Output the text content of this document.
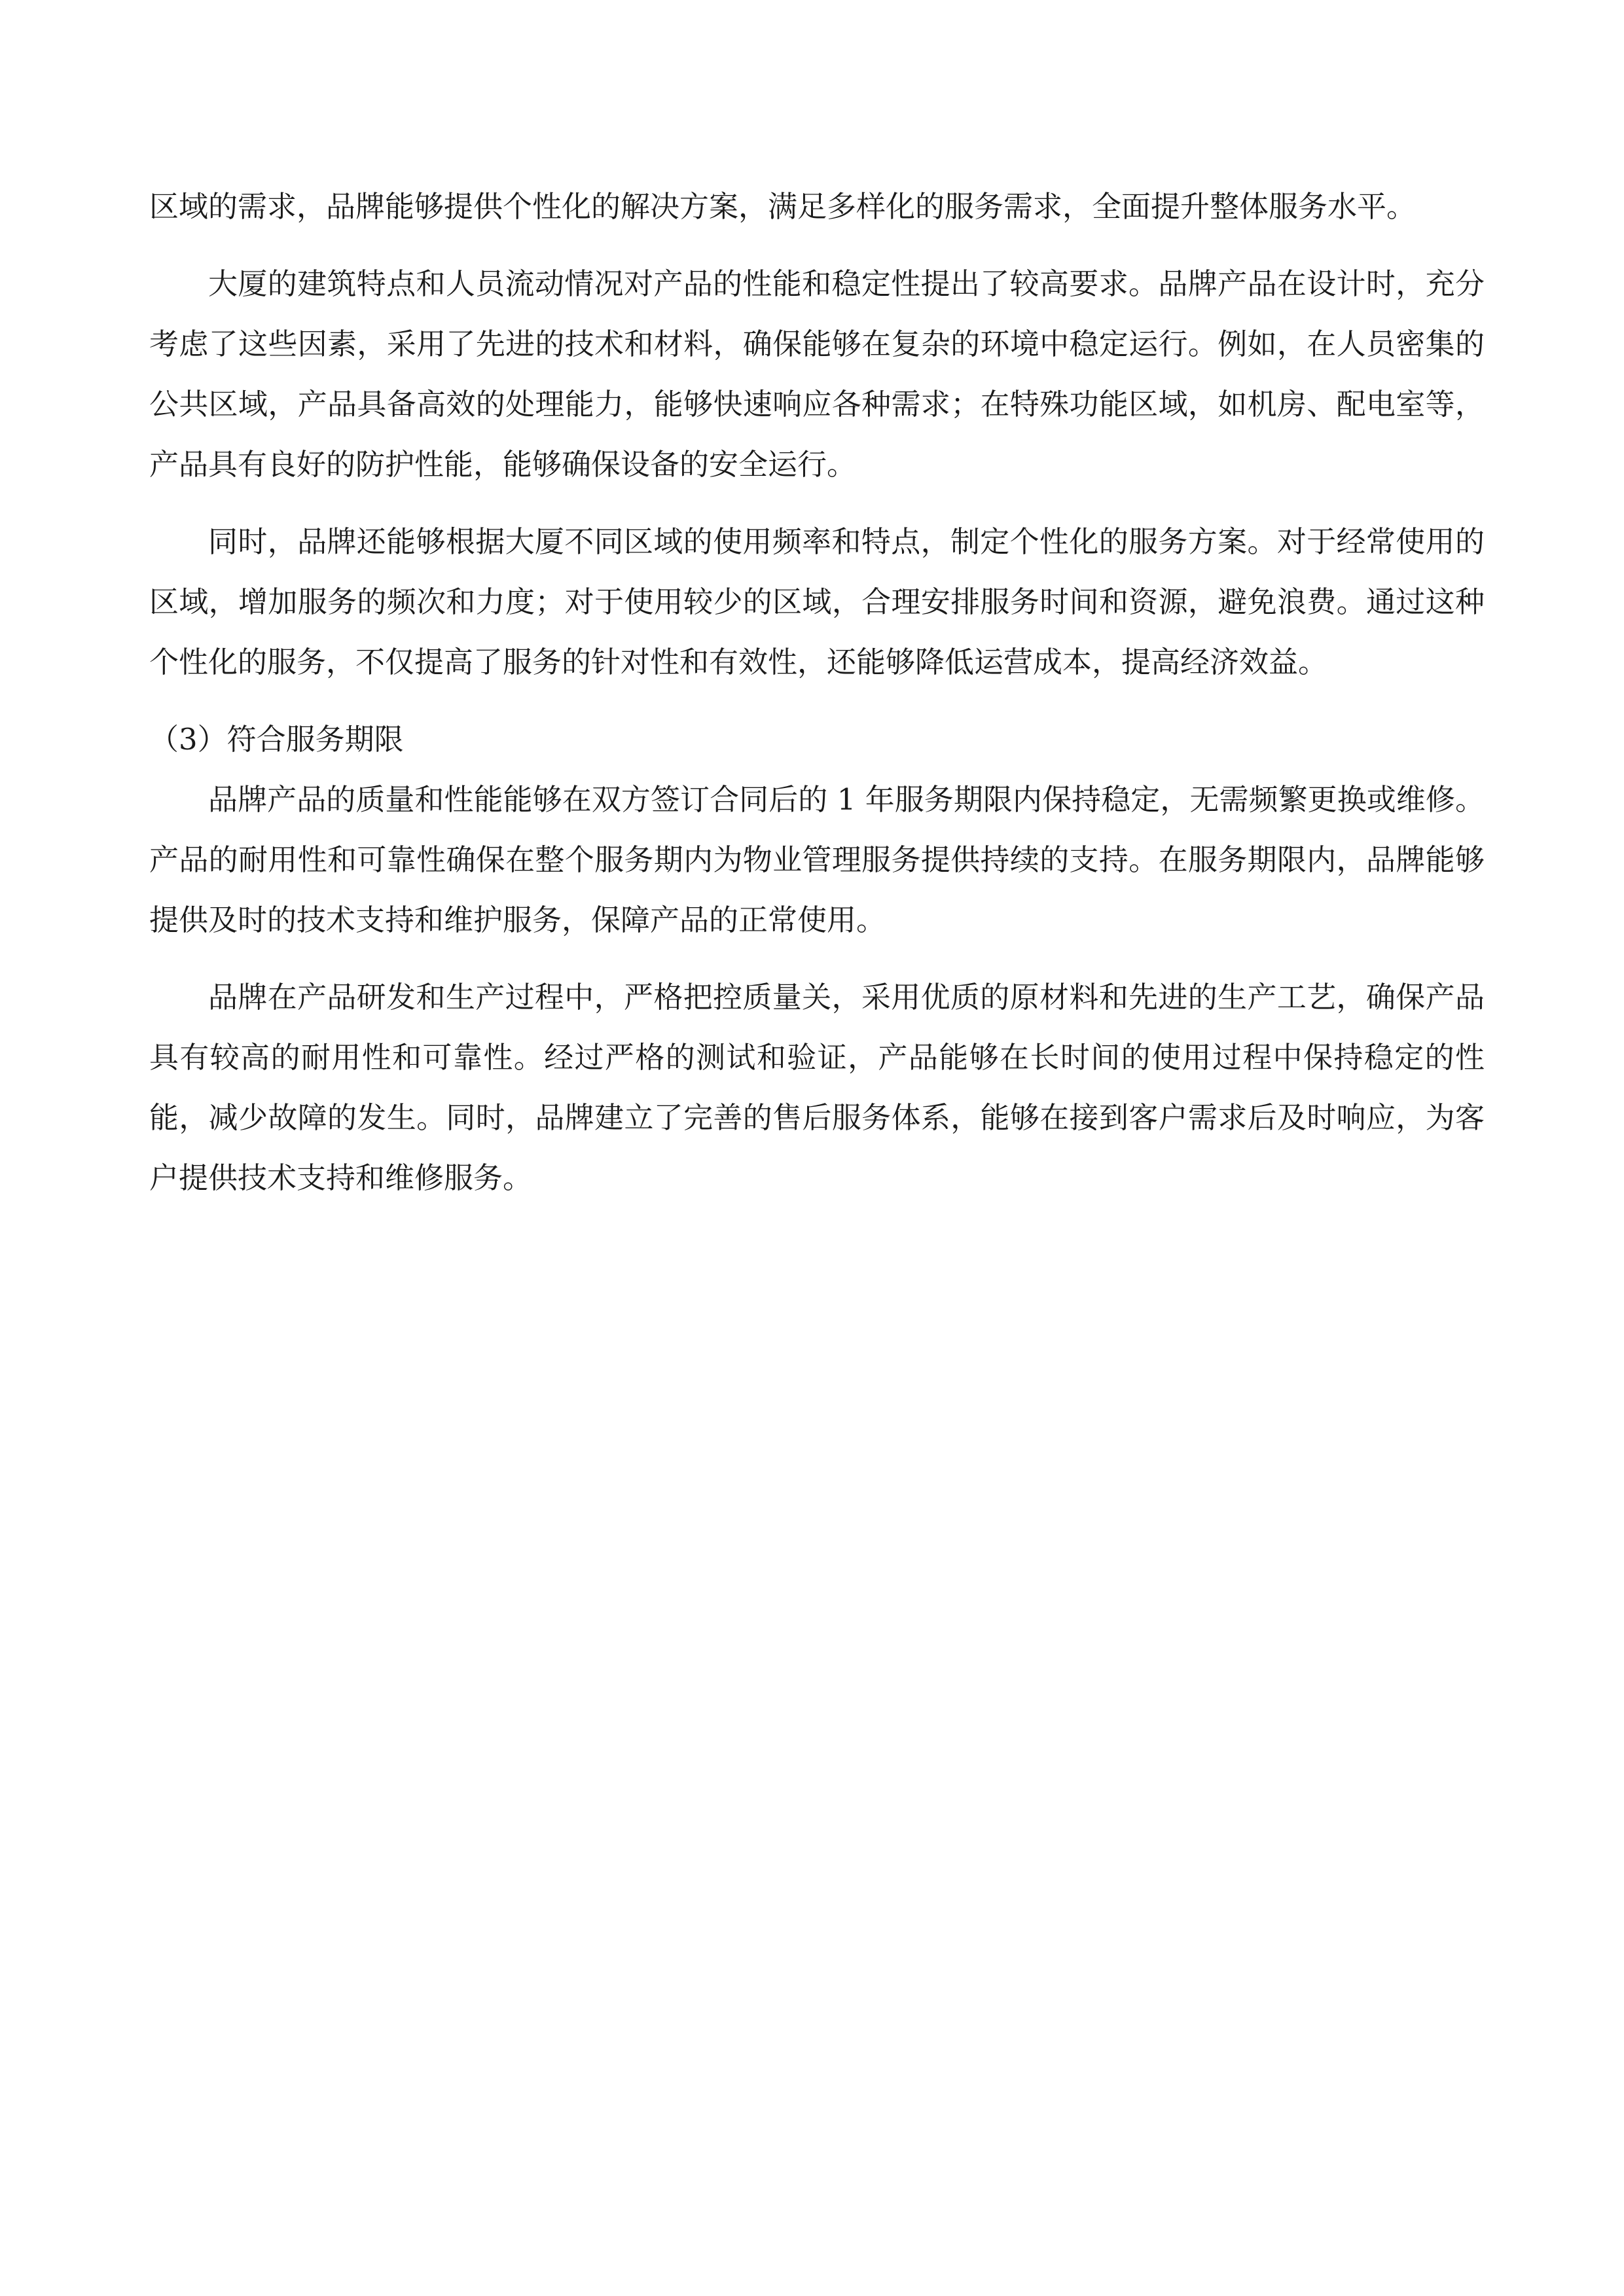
区域的需求，品牌能够提供个性化的解决方案，满足多样化的服务需求，全面提升整体服务水平。

大厦的建筑特点和人员流动情况对产品的性能和稳定性提出了较高要求。品牌产品在设计时，充分考虑了这些因素，采用了先进的技术和材料，确保能够在复杂的环境中稳定运行。例如，在人员密集的公共区域，产品具备高效的处理能力，能够快速响应各种需求；在特殊功能区域，如机房、配电室等，产品具有良好的防护性能，能够确保设备的安全运行。

同时，品牌还能够根据大厦不同区域的使用频率和特点，制定个性化的服务方案。对于经常使用的区域，增加服务的频次和力度；对于使用较少的区域，合理安排服务时间和资源，避免浪费。通过这种个性化的服务，不仅提高了服务的针对性和有效性，还能够降低运营成本，提高经济效益。

（3）符合服务期限

品牌产品的质量和性能能够在双方签订合同后的 1 年服务期限内保持稳定，无需频繁更换或维修。产品的耐用性和可靠性确保在整个服务期内为物业管理服务提供持续的支持。在服务期限内，品牌能够提供及时的技术支持和维护服务，保障产品的正常使用。

品牌在产品研发和生产过程中，严格把控质量关，采用优质的原材料和先进的生产工艺，确保产品具有较高的耐用性和可靠性。经过严格的测试和验证，产品能够在长时间的使用过程中保持稳定的性能，减少故障的发生。同时，品牌建立了完善的售后服务体系，能够在接到客户需求后及时响应，为客户提供技术支持和维修服务。
